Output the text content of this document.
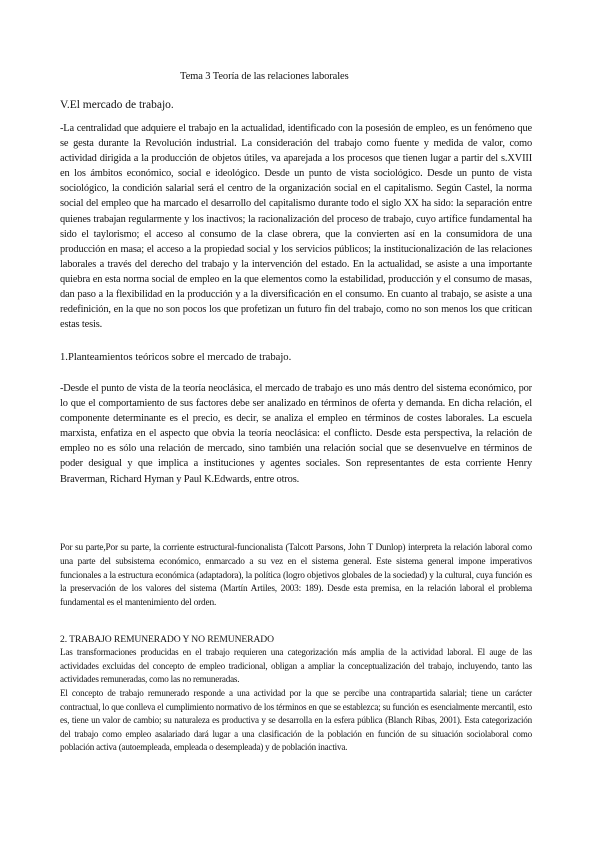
Tema 3 Teoría de las relaciones laborales
V.El mercado de trabajo.

-La centralidad que adquiere el trabajo en la actualidad, identificado con la posesión de empleo, es un fenómeno que se gesta durante la Revolución industrial. La consideración del trabajo como fuente y medida de valor, como actividad dirigida a la producción de objetos útiles, va aparejada a los procesos que tienen lugar a partir del s.XVIII en los ámbitos económico, social e ideológico. Desde un punto de vista sociológico. Desde un punto de vista sociológico, la condición salarial será el centro de la organización social en el capitalismo. Según Castel, la norma social del empleo que ha marcado el desarrollo del capitalismo durante todo el siglo XX ha sido: la separación entre quienes trabajan regularmente y los inactivos; la racionalización del proceso de trabajo, cuyo artífice fundamental ha sido el taylorismo; el acceso al consumo de la clase obrera, que la convierten así en la consumidora de una producción en masa; el acceso a la propiedad social y los servicios públicos; la institucionalización de las relaciones laborales a través del derecho del trabajo y la intervención del estado. En la actualidad, se asiste a una importante quiebra en esta norma social de empleo en la que elementos como la estabilidad, producción y el consumo de masas, dan paso a la flexibilidad en la producción y a la diversificación en el consumo. En cuanto al trabajo, se asiste a una redefinición, en la que no son pocos los que profetizan un futuro fin del trabajo, como no son menos los que critican estas tesis.

1.Planteamientos teóricos sobre el mercado de trabajo.

-Desde el punto de vista de la teoría neoclásica, el mercado de trabajo es uno más dentro del sistema económico, por lo que el comportamiento de sus factores debe ser analizado en términos de oferta y demanda. En dicha relación, el componente determinante es el precio, es decir, se analiza el empleo en términos de costes laborales. La escuela marxista, enfatiza en el aspecto que obvia la teoría neoclásica: el conflicto. Desde esta perspectiva, la relación de empleo no es sólo una relación de mercado, sino también una relación social que se desenvuelve en términos de poder desigual y que implica a instituciones y agentes sociales. Son representantes de esta corriente Henry Braverman, Richard Hyman y Paul K.Edwards, entre otros.

Por su parte,Por su parte, la corriente estructural-funcionalista (Talcott Parsons, John T Dunlop) interpreta la relación laboral como una parte del subsistema económico, enmarcado a su vez en el sistema general. Este sistema general impone imperativos funcionales a la estructura económica (adaptadora), la política (logro objetivos globales de la sociedad) y la cultural, cuya función es la preservación de los valores del sistema (Martín Artiles, 2003: 189). Desde esta premisa, en la relación laboral el problema fundamental es el mantenimiento del orden.

2. TRABAJO REMUNERADO Y NO REMUNERADO

Las transformaciones producidas en el trabajo requieren una categorización más amplia de la actividad laboral. El auge de las actividades excluidas del concepto de empleo tradicional, obligan a ampliar la conceptualización del trabajo, incluyendo, tanto las actividades remuneradas, como las no remuneradas.

El concepto de trabajo remunerado responde a una actividad por la que se percibe una contrapartida salarial; tiene un carácter contractual, lo que conlleva el cumplimiento normativo de los términos en que se establezca; su función es esencialmente mercantil, esto es, tiene un valor de cambio; su naturaleza es productiva y se desarrolla en la esfera pública (Blanch Ribas, 2001). Esta categorización del trabajo como empleo asalariado dará lugar a una clasificación de la población en función de su situación sociolaboral como población activa (autoempleada, empleada o desempleada) y de población inactiva.
